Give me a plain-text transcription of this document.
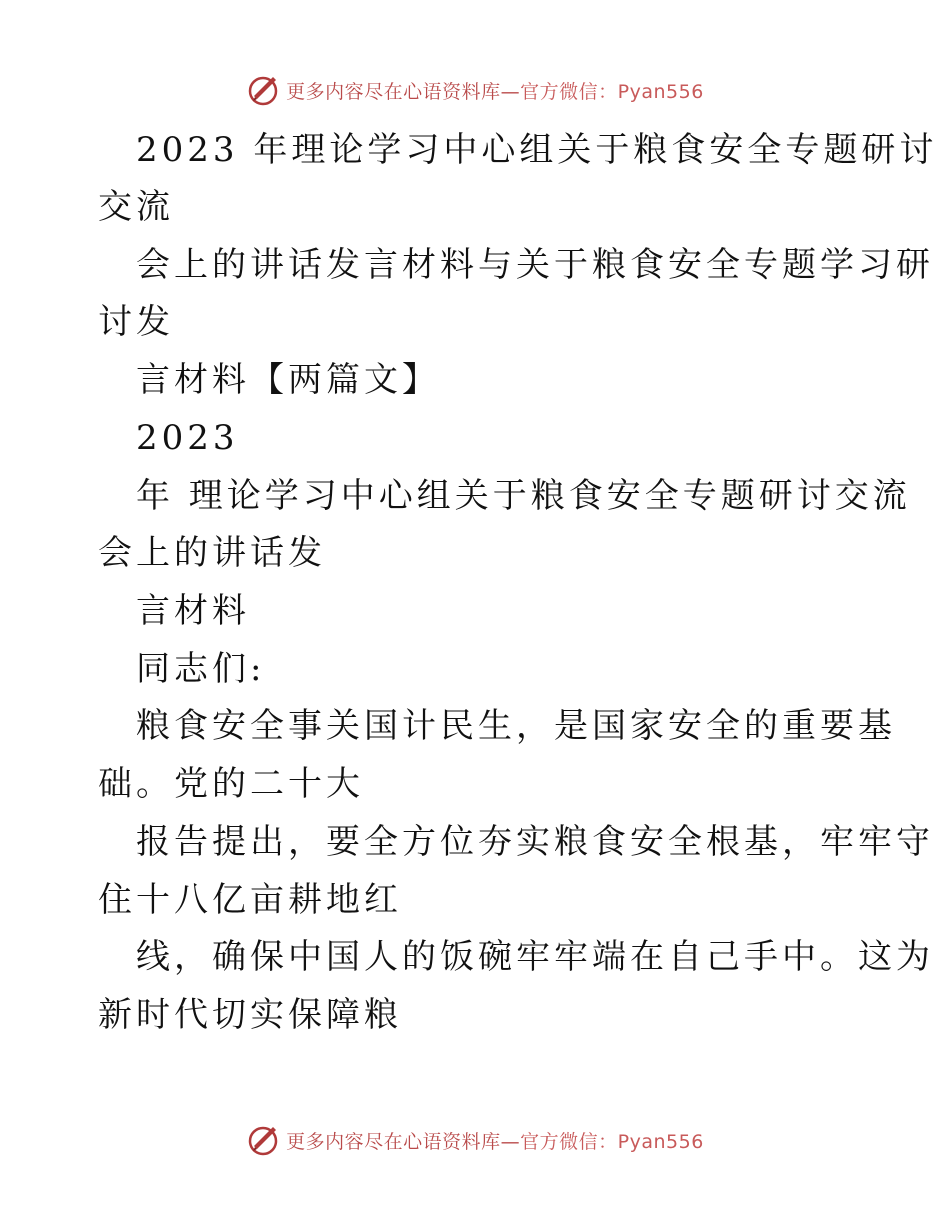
更多内容尽在心语资料库—官方微信：Pyan556
2023 年理论学习中心组关于粮食安全专题研讨
交流
会上的讲话发言材料与关于粮食安全专题学习研
讨发
言材料【两篇文】
2023
年 理论学习中心组关于粮食安全专题研讨交流
会上的讲话发
言材料
同志们:
粮食安全事关国计民生，是国家安全的重要基
础。党的二十大
报告提出，要全方位夯实粮食安全根基，牢牢守
住十八亿亩耕地红
线，确保中国人的饭碗牢牢端在自己手中。这为
新时代切实保障粮
更多内容尽在心语资料库—官方微信：Pyan556
